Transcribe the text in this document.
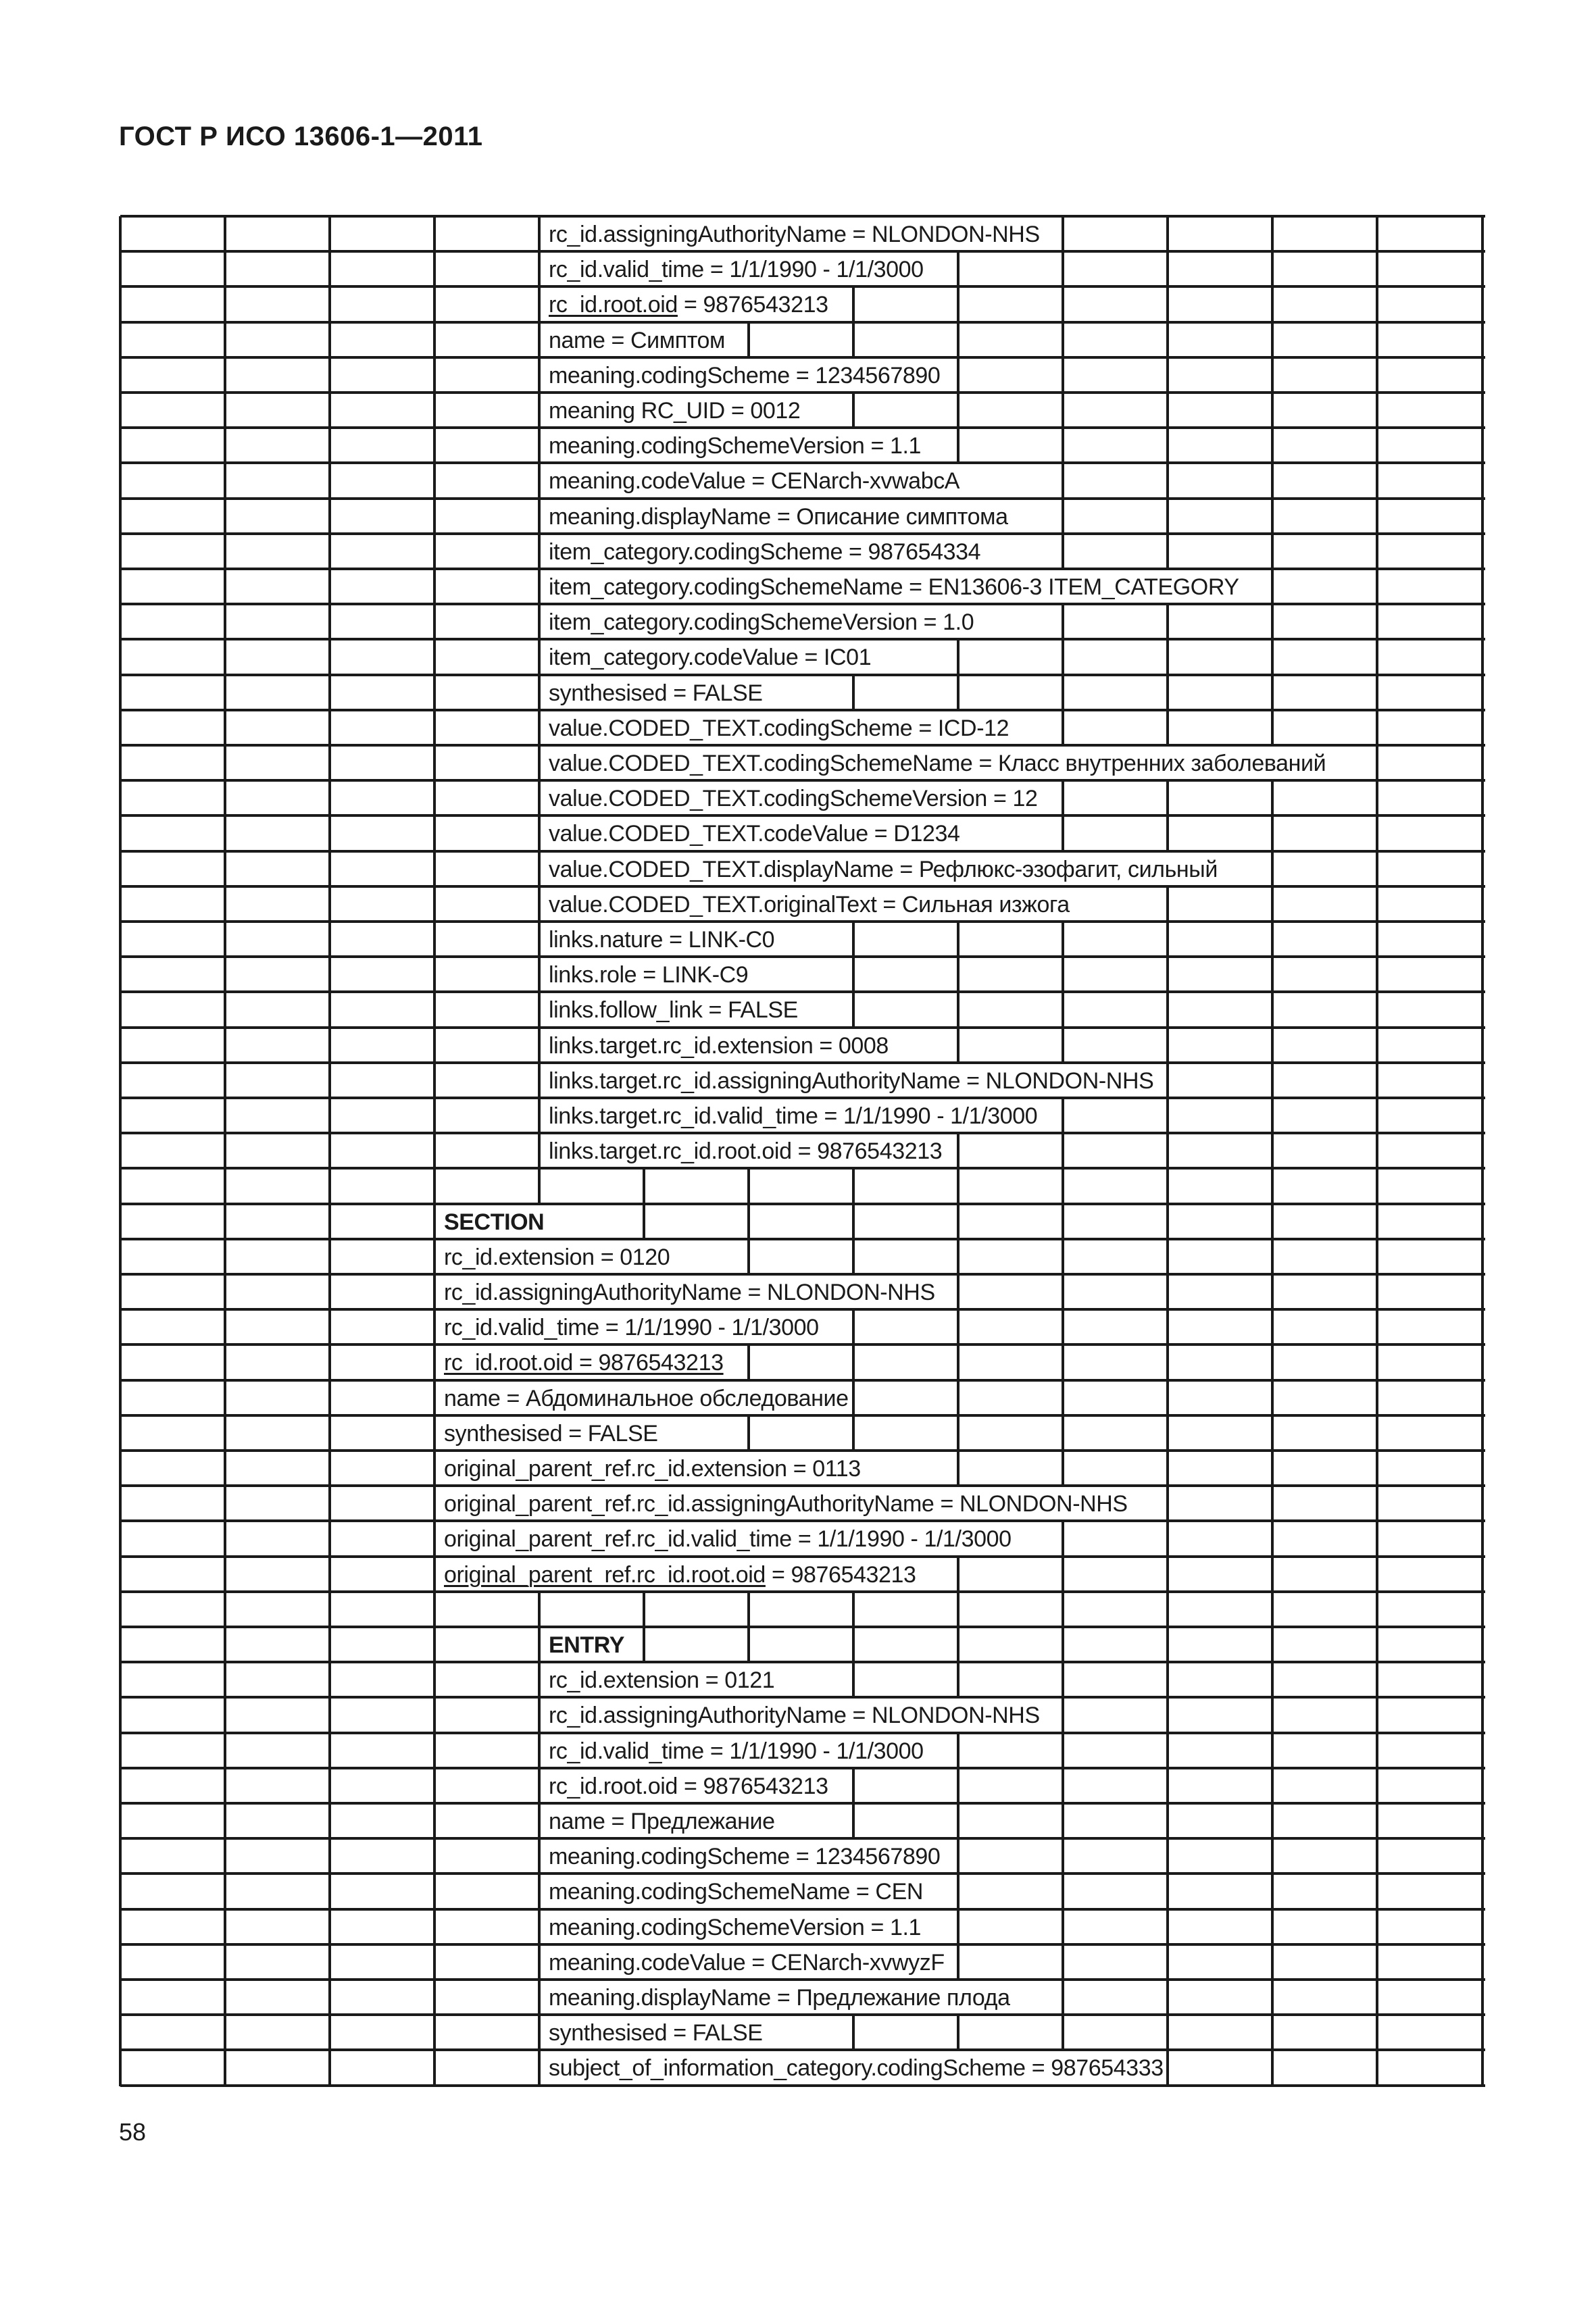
ГОСТ Р ИСО 13606-1—2011
rc_id.assigningAuthorityName = NLONDON-NHS
rc_id.valid_time = 1/1/1990 - 1/1/3000
rc_id.root.oid = 9876543213
name = Симптом
meaning.codingScheme = 1234567890
meaning RC_UID = 0012
meaning.codingSchemeVersion = 1.1
meaning.codeValue = CENarch-xvwabcA
meaning.displayName = Описание симптома
item_category.codingScheme = 987654334
item_category.codingSchemeName = EN13606-3 ITEM_CATEGORY
item_category.codingSchemeVersion = 1.0
item_category.codeValue = IC01
synthesised = FALSE
value.CODED_TEXT.codingScheme = ICD-12
value.CODED_TEXT.codingSchemeName = Класс внутренних заболеваний
value.CODED_TEXT.codingSchemeVersion = 12
value.CODED_TEXT.codeValue = D1234
value.CODED_TEXT.displayName = Рефлюкс-эзофагит, сильный
value.CODED_TEXT.originalText = Сильная изжога
links.nature = LINK-C0
links.role = LINK-C9
links.follow_link = FALSE
links.target.rc_id.extension = 0008
links.target.rc_id.assigningAuthorityName = NLONDON-NHS
links.target.rc_id.valid_time = 1/1/1990 - 1/1/3000
links.target.rc_id.root.oid = 9876543213
SECTION
rc_id.extension = 0120
rc_id.assigningAuthorityName = NLONDON-NHS
rc_id.valid_time = 1/1/1990 - 1/1/3000
rc_id.root.oid = 9876543213
name = Абдоминальное обследование
synthesised = FALSE
original_parent_ref.rc_id.extension = 0113
original_parent_ref.rc_id.assigningAuthorityName = NLONDON-NHS
original_parent_ref.rc_id.valid_time = 1/1/1990 - 1/1/3000
original_parent_ref.rc_id.root.oid = 9876543213
ENTRY
rc_id.extension = 0121
rc_id.assigningAuthorityName = NLONDON-NHS
rc_id.valid_time = 1/1/1990 - 1/1/3000
rc_id.root.oid = 9876543213
name = Предлежание
meaning.codingScheme = 1234567890
meaning.codingSchemeName = CEN
meaning.codingSchemeVersion = 1.1
meaning.codeValue = CENarch-xvwyzF
meaning.displayName = Предлежание плода
synthesised = FALSE
subject_of_information_category.codingScheme = 987654333
58
